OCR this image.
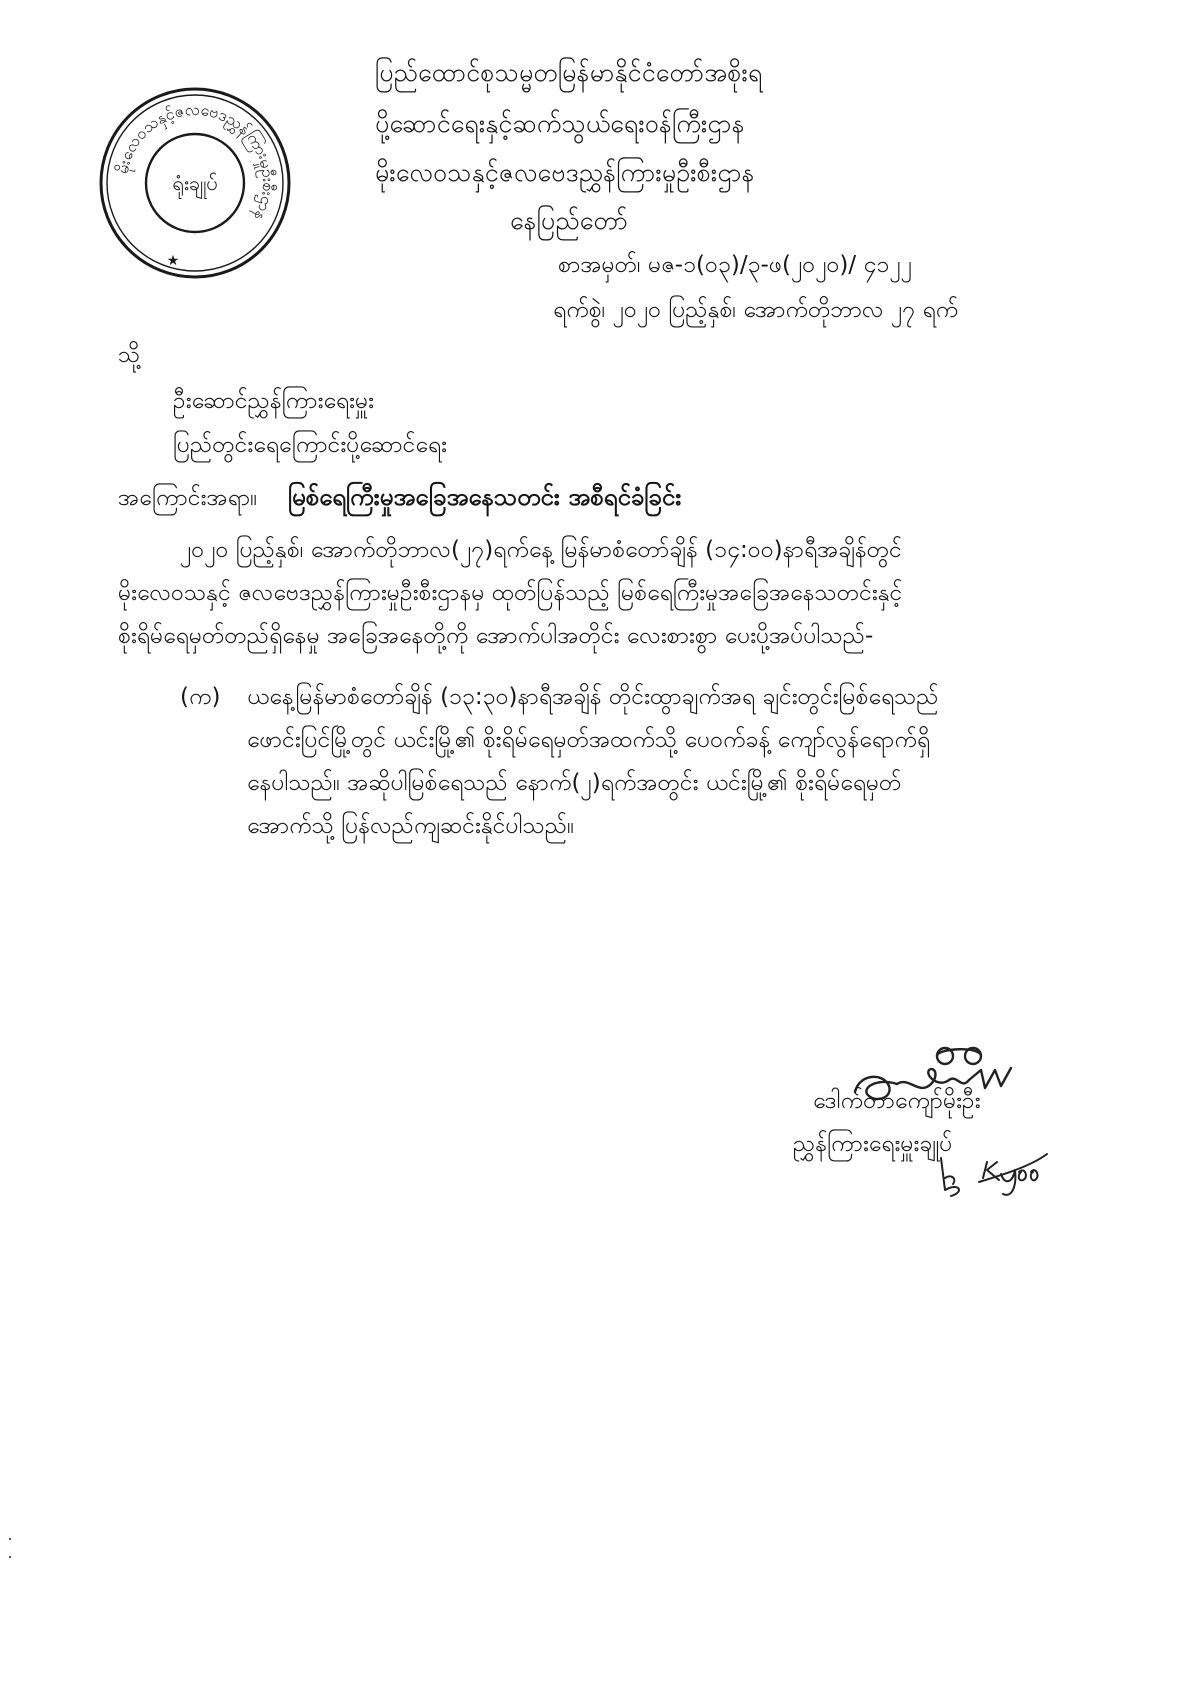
မိုးလေဝသနှင့်ဇလဗေဒညွှန်ကြားမှုဦးစီးဌာန
ရုံးချုပ်
★
ပြည်ထောင်စုသမ္မတမြန်မာနိုင်ငံတော်အစိုးရ
ပို့ဆောင်ရေးနှင့်ဆက်သွယ်ရေးဝန်ကြီးဌာန
မိုးလေဝသနှင့်ဇလဗေဒညွှန်ကြားမှုဦးစီးဌာန
နေပြည်တော်
စာအမှတ်၊ မဇ-၁(၀၃)/၃-ဖ(၂၀၂၀)/ ၄၁၂၂
ရက်စွဲ၊ ၂၀၂၀ ပြည့်နှစ်၊ အောက်တိုဘာလ ၂၇ ရက်
သို့
ဦးဆောင်ညွှန်ကြားရေးမှူး
ပြည်တွင်းရေကြောင်းပို့ဆောင်ရေး
အကြောင်းအရာ။ မြစ်ရေကြီးမှုအခြေအနေသတင်း အစီရင်ခံခြင်း
၂၀၂၀ ပြည့်နှစ်၊ အောက်တိုဘာလ(၂၇)ရက်နေ့ မြန်မာစံတော်ချိန် (၁၄:၀၀)နာရီအချိန်တွင်
မိုးလေဝသနှင့် ဇလဗေဒညွှန်ကြားမှုဦးစီးဌာနမှ ထုတ်ပြန်သည့် မြစ်ရေကြီးမှုအခြေအနေသတင်းနှင့်
စိုးရိမ်ရေမှတ်တည်ရှိနေမှု အခြေအနေတို့ကို အောက်ပါအတိုင်း လေးစားစွာ ပေးပို့အပ်ပါသည်-
(က) ယနေ့မြန်မာစံတော်ချိန် (၁၃:၃၀)နာရီအချိန် တိုင်းထွာချက်အရ ချင်းတွင်းမြစ်ရေသည်
ဖောင်းပြင်မြို့တွင် ယင်းမြို့၏ စိုးရိမ်ရေမှတ်အထက်သို့ ပေ၀က်ခန့် ကျော်လွန်ရောက်ရှိ
နေပါသည်။ အဆိုပါမြစ်ရေသည် နောက်(၂)ရက်အတွင်း ယင်းမြို့၏ စိုးရိမ်ရေမှတ်
အောက်သို့ ပြန်လည်ကျဆင်းနိုင်ပါသည်။
ဒေါက်တာကျော်မိုးဦး
ညွှန်ကြားရေးမှူးချုပ်
